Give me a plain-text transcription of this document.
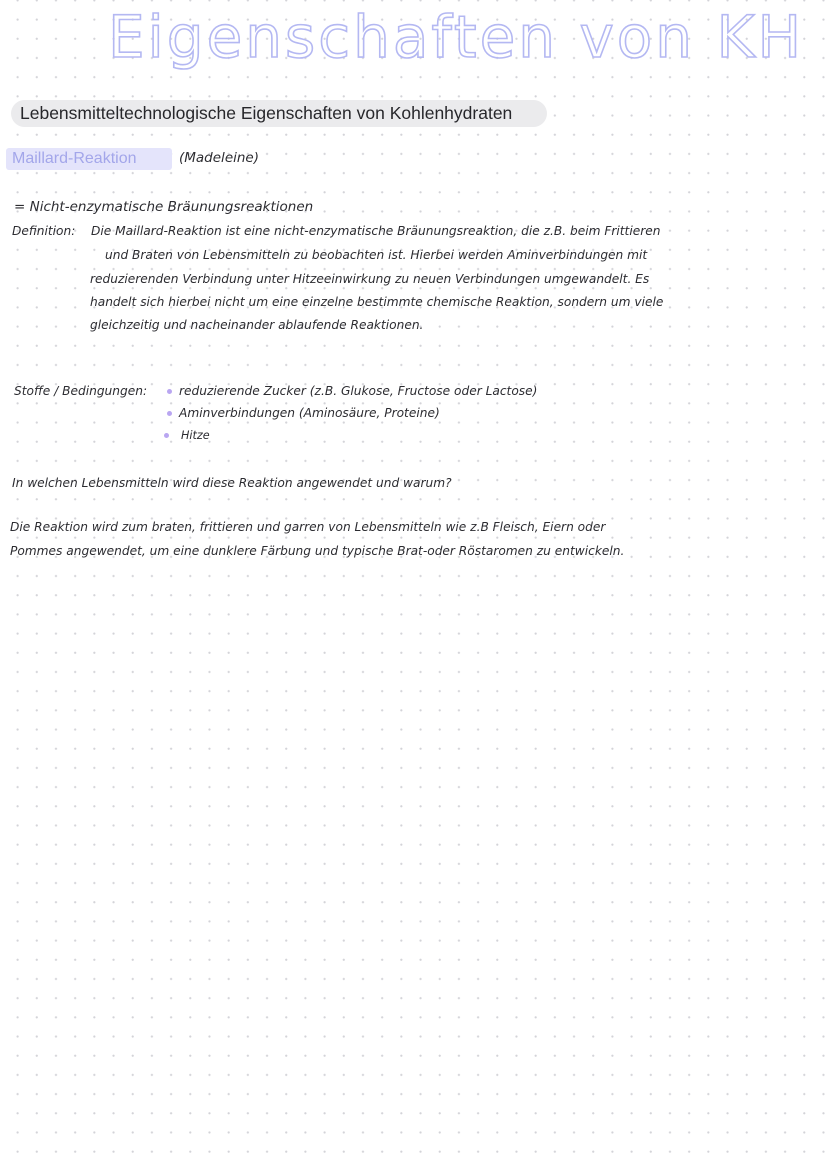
Eigenschaften von KH
Lebensmitteltechnologische Eigenschaften von Kohlenhydraten
Maillard-Reaktion	(Madeleine)
= Nicht-enzymatische Bräunungsreaktionen
Definition: Die Maillard-Reaktion ist eine nicht-enzymatische Bräunungsreaktion, die z.B. beim Frittieren
und Braten von Lebensmitteln zu beobachten ist. Hierbei werden Aminverbindungen mit
reduzierenden Verbindung unter Hitzeeinwirkung zu neuen Verbindungen umgewandelt. Es
handelt sich hierbei nicht um eine einzelne bestimmte chemische Reaktion, sondern um viele
gleichzeitig und nacheinander ablaufende Reaktionen.
Stoffe / Bedingungen:	reduzierende Zucker (z.B. Glukose, Fructose oder Lactose)
Aminverbindungen (Aminosäure, Proteine)
Hitze
In welchen Lebensmitteln wird diese Reaktion angewendet und warum?
Die Reaktion wird zum braten, frittieren und garren von Lebensmitteln wie z.B Fleisch, Eiern oder
Pommes angewendet, um eine dunklere Färbung und typische Brat-oder Röstaromen zu entwickeln.
